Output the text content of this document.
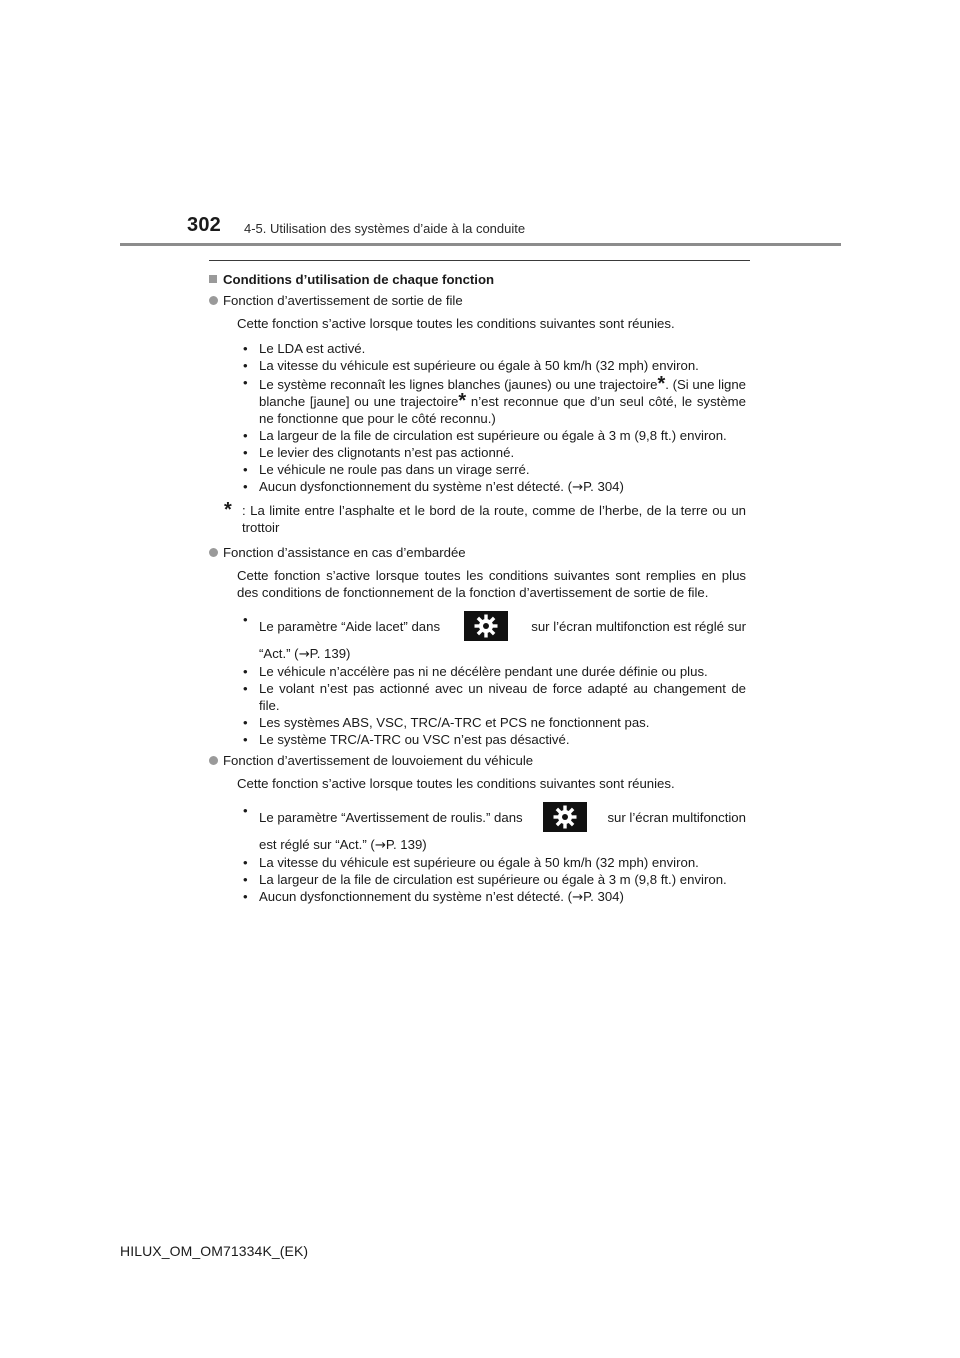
302 4-5. Utilisation des systèmes d’aide à la conduite
Conditions d’utilisation de chaque fonction
Fonction d’avertissement de sortie de file
Cette fonction s’active lorsque toutes les conditions suivantes sont réunies.
• Le LDA est activé.
• La vitesse du véhicule est supérieure ou égale à 50 km/h (32 mph) environ.
• Le système reconnaît les lignes blanches (jaunes) ou une trajectoire*. (Si une ligne blanche [jaune] ou une trajectoire* n’est reconnue que d’un seul côté, le système ne fonctionne que pour le côté reconnu.)
• La largeur de la file de circulation est supérieure ou égale à 3 m (9,8 ft.) environ.
• Le levier des clignotants n’est pas actionné.
• Le véhicule ne roule pas dans un virage serré.
• Aucun dysfonctionnement du système n’est détecté. (→P. 304)
* : La limite entre l’asphalte et le bord de la route, comme de l’herbe, de la terre ou un trottoir
Fonction d’assistance en cas d’embardée
Cette fonction s’active lorsque toutes les conditions suivantes sont remplies en plus des conditions de fonctionnement de la fonction d’avertissement de sortie de file.
• Le paramètre “Aide lacet” dans	sur l’écran multifonction est réglé sur
“Act.” (→P. 139)
• Le véhicule n’accélère pas ni ne décélère pendant une durée définie ou plus.
• Le volant n’est pas actionné avec un niveau de force adapté au changement de file.
• Les systèmes ABS, VSC, TRC/A-TRC et PCS ne fonctionnent pas.
• Le système TRC/A-TRC ou VSC n’est pas désactivé.
Fonction d’avertissement de louvoiement du véhicule
Cette fonction s’active lorsque toutes les conditions suivantes sont réunies.
• Le paramètre “Avertissement de roulis.” dans	sur l’écran multifonction
est réglé sur “Act.” (→P. 139)
• La vitesse du véhicule est supérieure ou égale à 50 km/h (32 mph) environ.
• La largeur de la file de circulation est supérieure ou égale à 3 m (9,8 ft.) environ.
• Aucun dysfonctionnement du système n’est détecté. (→P. 304)
HILUX_OM_OM71334K_(EK)
